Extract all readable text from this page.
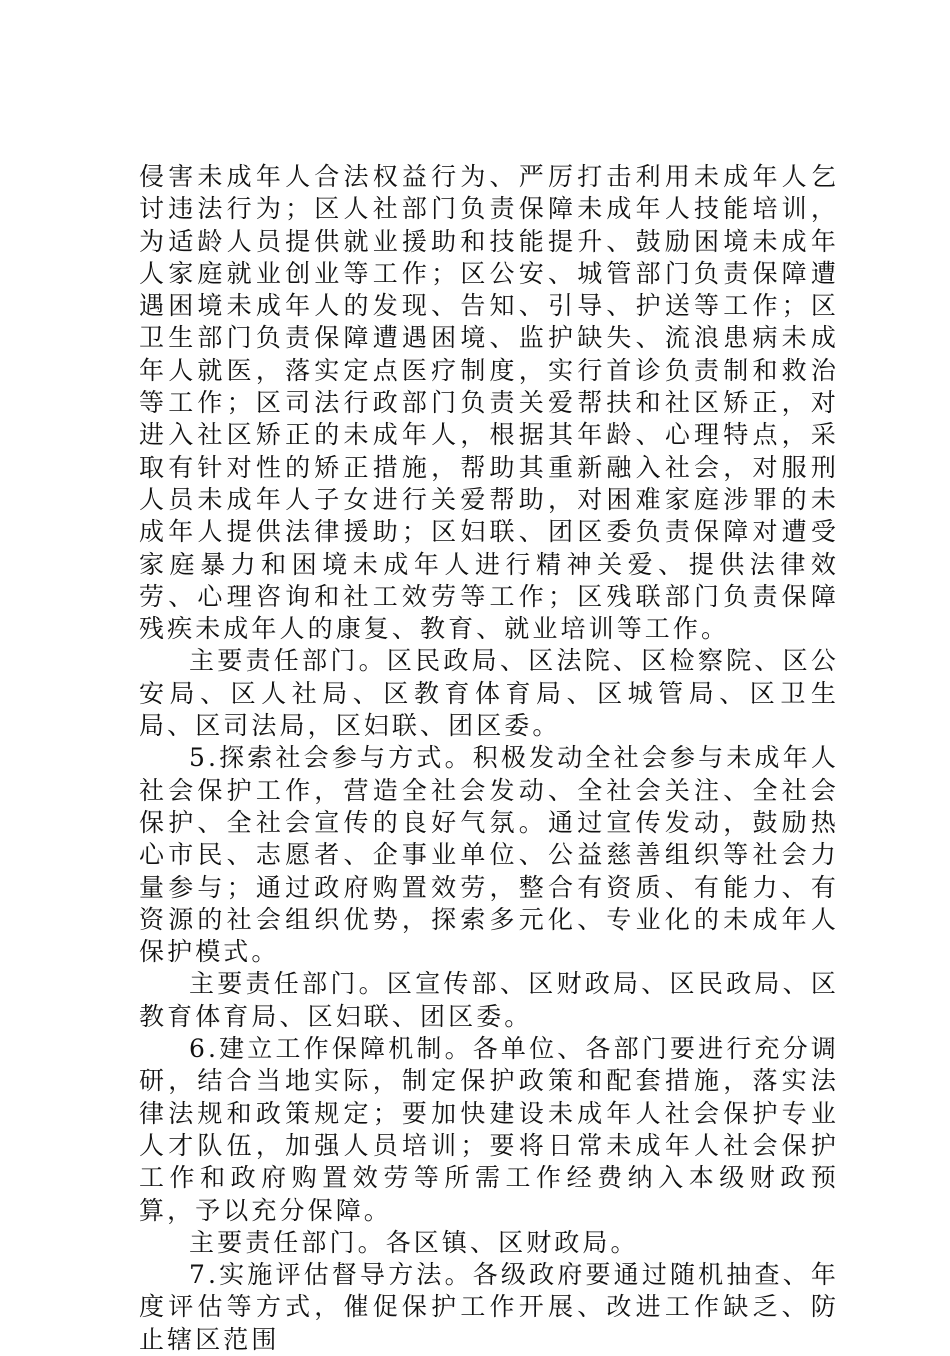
侵害未成年人合法权益行为、严厉打击利用未成年人乞讨违法行为；区人社部门负责保障未成年人技能培训，为适龄人员提供就业援助和技能提升、鼓励困境未成年人家庭就业创业等工作；区公安、城管部门负责保障遭遇困境未成年人的发现、告知、引导、护送等工作；区卫生部门负责保障遭遇困境、监护缺失、流浪患病未成年人就医，落实定点医疗制度，实行首诊负责制和救治等工作；区司法行政部门负责关爱帮扶和社区矫正，对进入社区矫正的未成年人，根据其年龄、心理特点，采取有针对性的矫正措施，帮助其重新融入社会，对服刑人员未成年人子女进行关爱帮助，对困难家庭涉罪的未成年人提供法律援助；区妇联、团区委负责保障对遭受家庭暴力和困境未成年人进行精神关爱、提供法律效劳、心理咨询和社工效劳等工作；区残联部门负责保障残疾未成年人的康复、教育、就业培训等工作。

主要责任部门。区民政局、区法院、区检察院、区公安局、区人社局、区教育体育局、区城管局、区卫生局、区司法局，区妇联、团区委。

5.探索社会参与方式。积极发动全社会参与未成年人社会保护工作，营造全社会发动、全社会关注、全社会保护、全社会宣传的良好气氛。通过宣传发动，鼓励热心市民、志愿者、企事业单位、公益慈善组织等社会力量参与；通过政府购置效劳，整合有资质、有能力、有资源的社会组织优势，探索多元化、专业化的未成年人保护模式。

主要责任部门。区宣传部、区财政局、区民政局、区教育体育局、区妇联、团区委。

6.建立工作保障机制。各单位、各部门要进行充分调研，结合当地实际，制定保护政策和配套措施，落实法律法规和政策规定；要加快建设未成年人社会保护专业人才队伍，加强人员培训；要将日常未成年人社会保护工作和政府购置效劳等所需工作经费纳入本级财政预算，予以充分保障。

主要责任部门。各区镇、区财政局。

7.实施评估督导方法。各级政府要通过随机抽查、年度评估等方式，催促保护工作开展、改进工作缺乏、防止辖区范围
